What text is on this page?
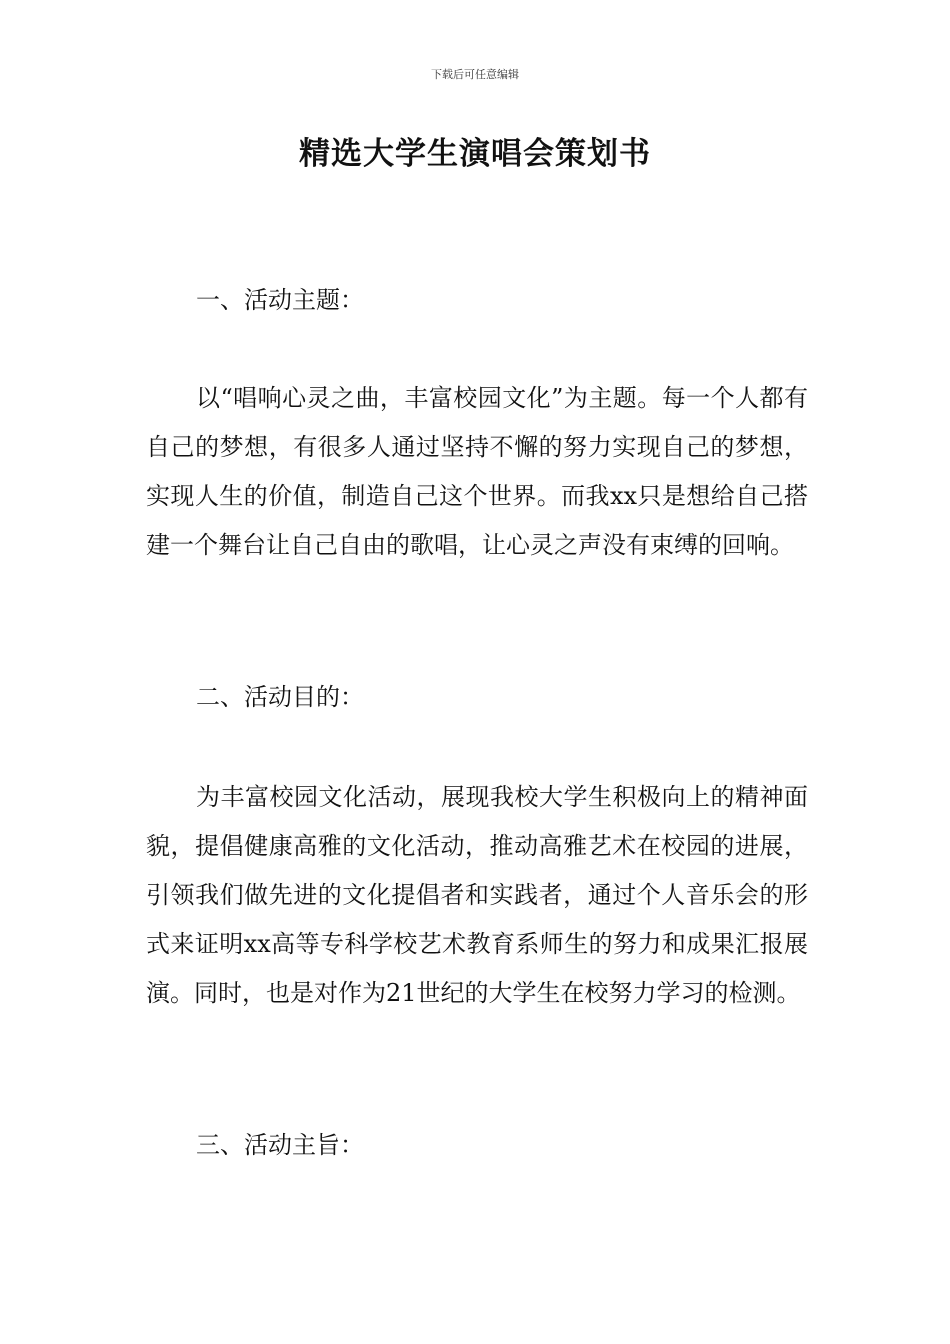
下载后可任意编辑
精选大学生演唱会策划书
一、活动主题：
以“唱响心灵之曲，丰富校园文化”为主题。每一个人都有自己的梦想，有很多人通过坚持不懈的努力实现自己的梦想，实现人生的价值，制造自己这个世界。而我xx只是想给自己搭建一个舞台让自己自由的歌唱，让心灵之声没有束缚的回响。
二、活动目的：
为丰富校园文化活动，展现我校大学生积极向上的精神面貌，提倡健康高雅的文化活动，推动高雅艺术在校园的进展，引领我们做先进的文化提倡者和实践者，通过个人音乐会的形式来证明xx高等专科学校艺术教育系师生的努力和成果汇报展演。同时，也是对作为21世纪的大学生在校努力学习的检测。
三、活动主旨：
